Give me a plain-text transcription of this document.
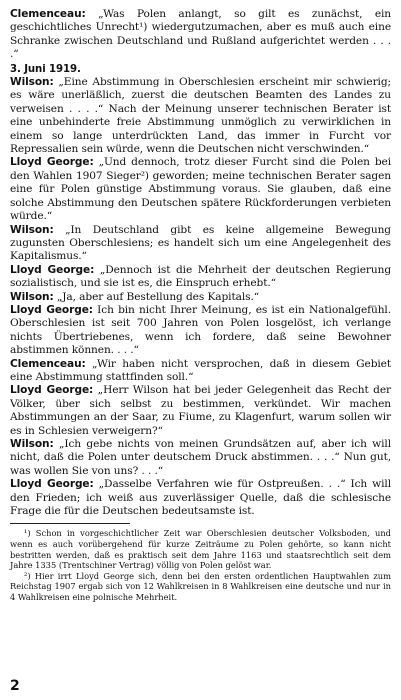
Clemenceau: „Was Polen anlangt, so gilt es zunächst, ein geschichtliches Unrecht¹) wiedergutzumachen, aber es muß auch eine Schranke zwischen Deutschland und Rußland aufgerichtet werden . . . .“

3. Juni 1919.

Wilson: „Eine Abstimmung in Oberschlesien erscheint mir schwierig; es wäre unerläßlich, zuerst die deutschen Beamten des Landes zu verweisen . . . .“ Nach der Meinung unserer technischen Berater ist eine unbehinderte freie Abstimmung unmöglich zu verwirklichen in einem so lange unterdrückten Land, das immer in Furcht vor Repressalien sein würde, wenn die Deutschen nicht verschwinden.“

Lloyd George: „Und dennoch, trotz dieser Furcht sind die Polen bei den Wahlen 1907 Sieger²) geworden; meine technischen Berater sagen eine für Polen günstige Abstimmung voraus. Sie glauben, daß eine solche Abstimmung den Deutschen spätere Rückforderungen verbieten würde.“

Wilson: „In Deutschland gibt es keine allgemeine Bewegung zugunsten Oberschlesiens; es handelt sich um eine Angelegenheit des Kapitalismus.“

Lloyd George: „Dennoch ist die Mehrheit der deutschen Regierung sozialistisch, und sie ist es, die Einspruch erhebt.“

Wilson: „Ja, aber auf Bestellung des Kapitals.“

Lloyd George: Ich bin nicht Ihrer Meinung, es ist ein Nationalgefühl. Oberschlesien ist seit 700 Jahren von Polen losgelöst, ich verlange nichts Übertriebenes, wenn ich fordere, daß seine Bewohner abstimmen können. . . .“

Clemenceau: „Wir haben nicht versprochen, daß in diesem Gebiet eine Abstimmung stattfinden soll.“

Lloyd George: „Herr Wilson hat bei jeder Gelegenheit das Recht der Völker, über sich selbst zu bestimmen, verkündet. Wir machen Abstimmungen an der Saar, zu Fiume, zu Klagenfurt, warum sollen wir es in Schlesien verweigern?“

Wilson: „Ich gebe nichts von meinen Grundsätzen auf, aber ich will nicht, daß die Polen unter deutschem Druck abstimmen. . . .“ Nun gut, was wollen Sie von uns? . . .“

Lloyd George: „Dasselbe Verfahren wie für Ostpreußen. . .“ Ich will den Frieden; ich weiß aus zuverlässiger Quelle, daß die schlesische Frage die für die Deutschen bedeutsamste ist.

¹) Schon in vorgeschichtlicher Zeit war Oberschlesien deutscher Volksboden, und wenn es auch vorübergehend für kurze Zeiträume zu Polen gehörte, so kann nicht bestritten werden, daß es praktisch seit dem Jahre 1163 und staatsrechtlich seit dem Jahre 1335 (Trentschiner Vertrag) völlig von Polen gelöst war.

²) Hier irrt Lloyd George sich, denn bei den ersten ordentlichen Hauptwahlen zum Reichstag 1907 ergab sich von 12 Wahlkreisen in 8 Wahlkreisen eine deutsche und nur in 4 Wahlkreisen eine polnische Mehrheit.

2
